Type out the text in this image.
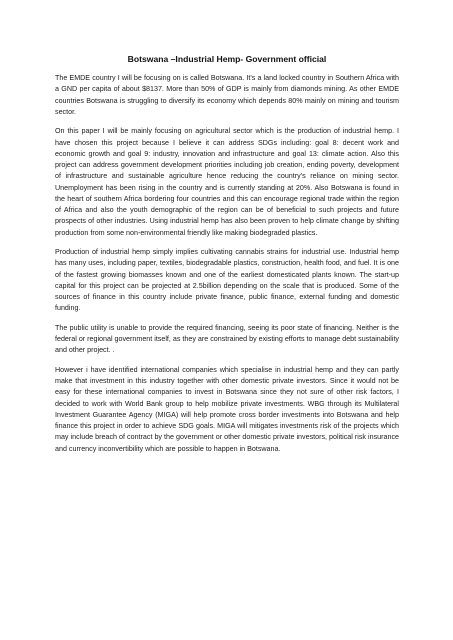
Botswana –Industrial Hemp- Government official

The EMDE country I will be focusing on is called Botswana. It’s a land locked country in Southern Africa with a GND per capita of about $8137. More than 50% of GDP is mainly from diamonds mining. As other EMDE countries Botswana is struggling to diversify its economy which depends 80% mainly on mining and tourism sector.

On this paper I will be mainly focusing on agricultural sector which is the production of industrial hemp. I have chosen this project because I believe it can address SDGs including: goal 8: decent work and economic growth and goal 9: industry, innovation and infrastructure and goal 13: climate action. Also this project can address government development priorities including job creation, ending poverty, development of infrastructure and sustainable agriculture hence reducing the country’s reliance on mining sector. Unemployment has been rising in the country and is currently standing at 20%. Also Botswana is found in the heart of southern Africa bordering four countries and this can encourage regional trade within the region of Africa and also the youth demographic of the region can be of beneficial to such projects and future prospects of other industries. Using industrial hemp has also been proven to help climate change by shifting production from some non-environmental friendly like making biodegraded plastics.

Production of industrial hemp simply implies cultivating cannabis strains for industrial use. Industrial hemp has many uses, including paper, textiles, biodegradable plastics, construction, health food, and fuel. It is one of the fastest growing biomasses known and one of the earliest domesticated plants known. The start-up capital for this project can be projected at 2.5billion depending on the scale that is produced. Some of the sources of finance in this country include private finance, public finance, external funding and domestic funding.

The public utility is unable to provide the required financing, seeing its poor state of financing. Neither is the federal or regional government itself, as they are constrained by existing efforts to manage debt sustainability and other project. .

However i have identified international companies which specialise in industrial hemp and they can partly make that investment in this industry together with other domestic private investors. Since it would not be easy for these international companies to invest in Botswana since they not sure of other risk factors, I decided to work with World Bank group to help mobilize private investments. WBG through its Multilateral Investment Guarantee Agency (MIGA) will help promote cross border investments into Botswana and help finance this project in order to achieve SDG goals. MIGA will mitigates investments risk of the projects which may include breach of contract by the government or other domestic private investors, political risk insurance and currency inconvertibility which are possible to happen in Botswana.
